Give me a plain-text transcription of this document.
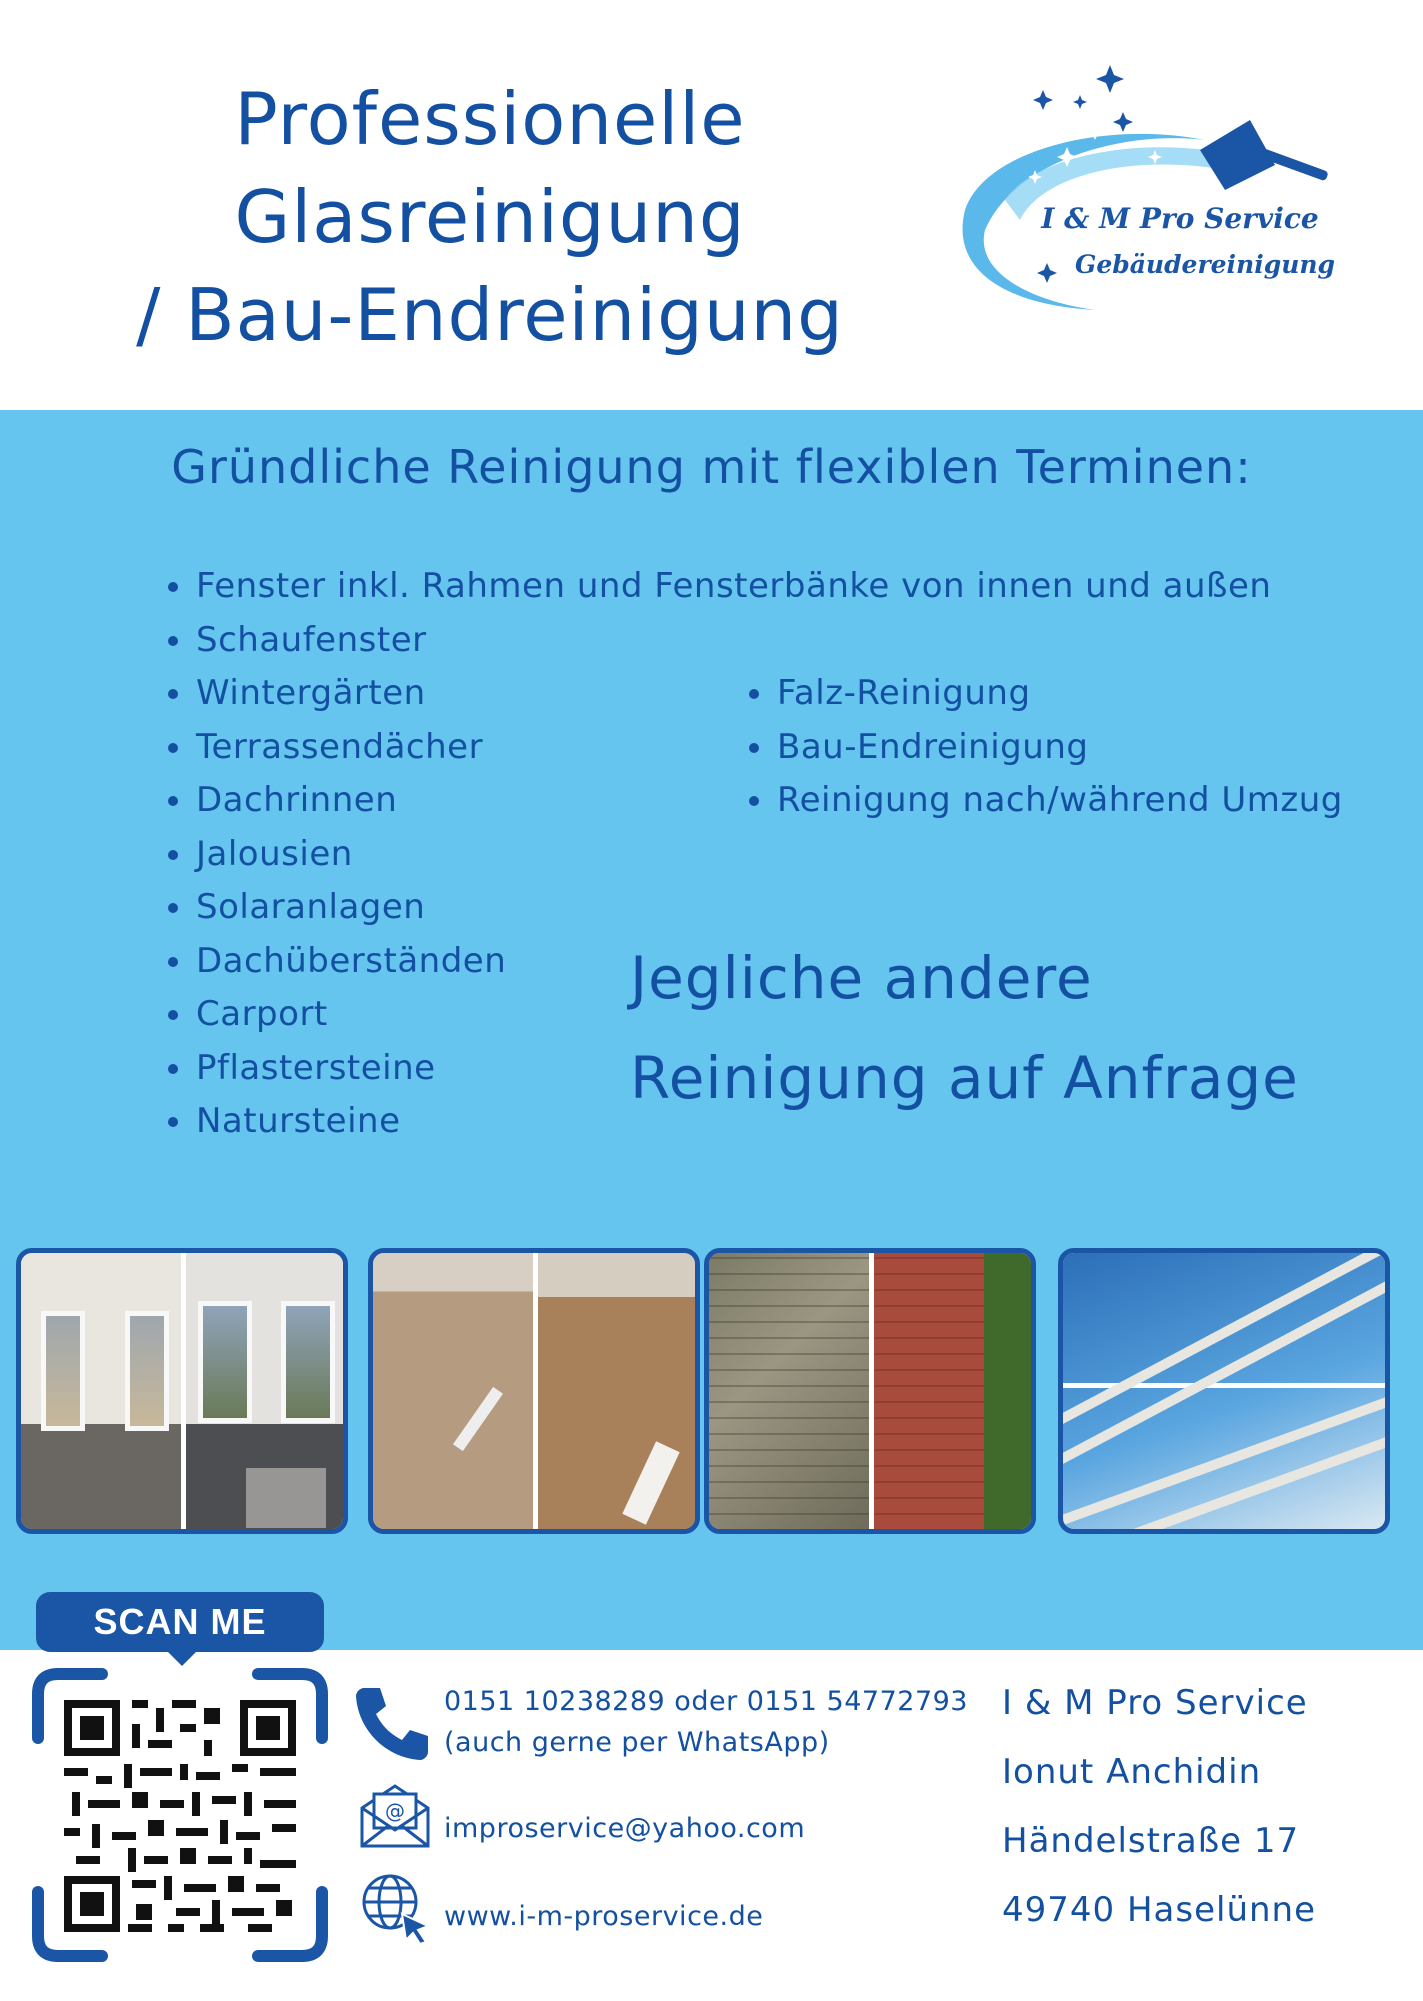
Professionelle
Glasreinigung
/ Bau-Endreinigung
I & M Pro Service
Gebäudereinigung
Gründliche Reinigung mit flexiblen Terminen:
Fenster inkl. Rahmen und Fensterbänke von innen und außen
Schaufenster
Wintergärten
Terrassendächer
Dachrinnen
Jalousien
Solaranlagen
Dachüberständen
Carport
Pflastersteine
Natursteine
Falz-Reinigung
Bau-Endreinigung
Reinigung nach/während Umzug
Jegliche andere
Reinigung auf Anfrage
SCAN ME
0151 10238289 oder 0151 54772793
(auch gerne per WhatsApp)
@
improservice@yahoo.com
www.i-m-proservice.de
I & M Pro Service
Ionut Anchidin
Händelstraße 17
49740 Haselünne
